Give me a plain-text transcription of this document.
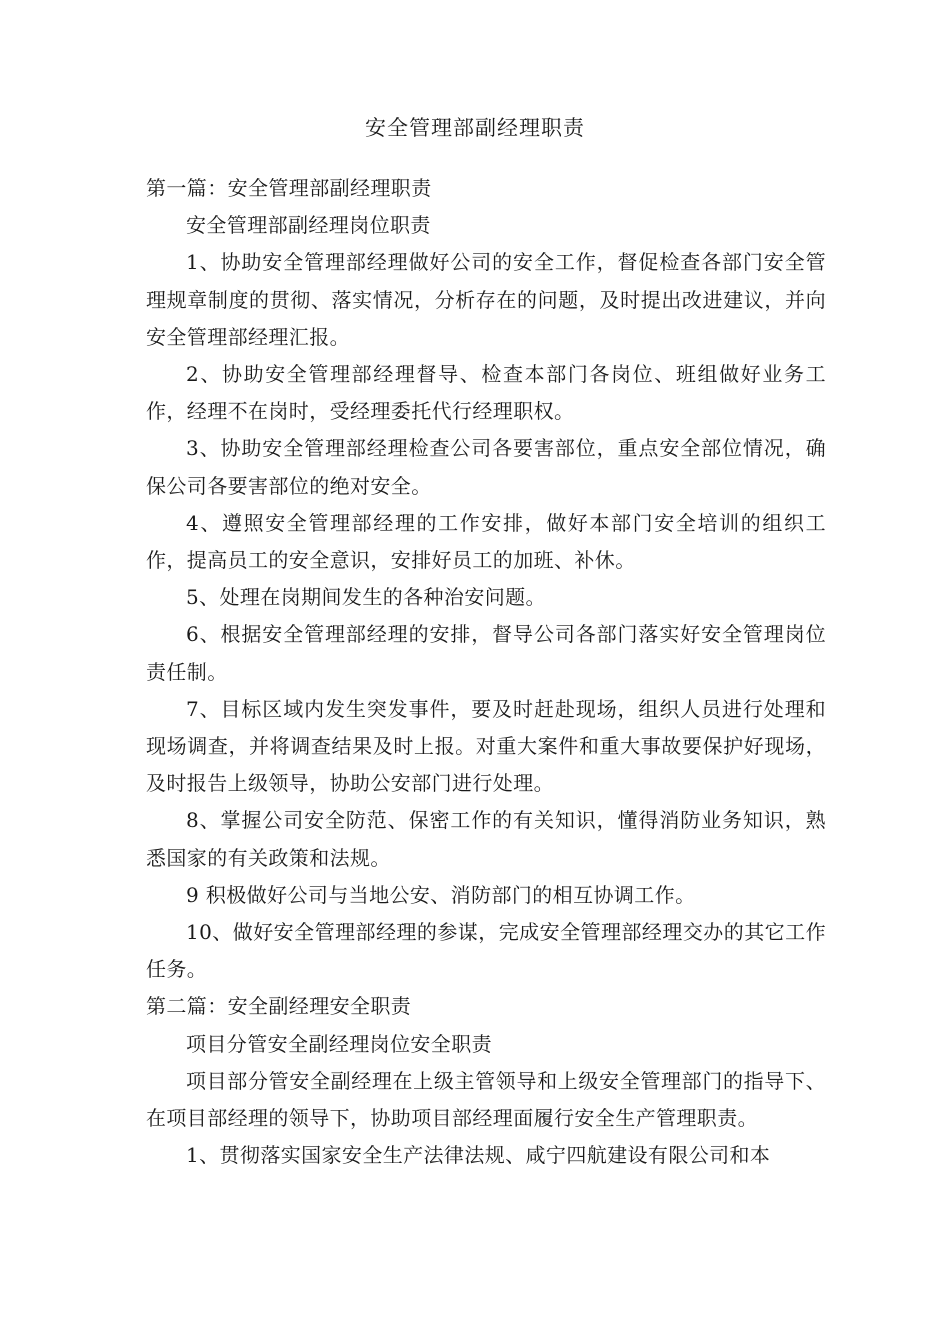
安全管理部副经理职责

第一篇：安全管理部副经理职责

安全管理部副经理岗位职责

1、协助安全管理部经理做好公司的安全工作，督促检查各部门安全管理规章制度的贯彻、落实情况，分析存在的问题，及时提出改进建议，并向安全管理部经理汇报。

2、协助安全管理部经理督导、检查本部门各岗位、班组做好业务工作，经理不在岗时，受经理委托代行经理职权。

3、协助安全管理部经理检查公司各要害部位，重点安全部位情况，确保公司各要害部位的绝对安全。

4、遵照安全管理部经理的工作安排，做好本部门安全培训的组织工作，提高员工的安全意识，安排好员工的加班、补休。

5、处理在岗期间发生的各种治安问题。

6、根据安全管理部经理的安排，督导公司各部门落实好安全管理岗位责任制。

7、目标区域内发生突发事件，要及时赶赴现场，组织人员进行处理和现场调查，并将调查结果及时上报。对重大案件和重大事故要保护好现场，及时报告上级领导，协助公安部门进行处理。

8、掌握公司安全防范、保密工作的有关知识，懂得消防业务知识，熟悉国家的有关政策和法规。

9 积极做好公司与当地公安、消防部门的相互协调工作。

10、做好安全管理部经理的参谋，完成安全管理部经理交办的其它工作任务。

第二篇：安全副经理安全职责

项目分管安全副经理岗位安全职责

项目部分管安全副经理在上级主管领导和上级安全管理部门的指导下、在项目部经理的领导下，协助项目部经理面履行安全生产管理职责。

1、贯彻落实国家安全生产法律法规、咸宁四航建设有限公司和本
